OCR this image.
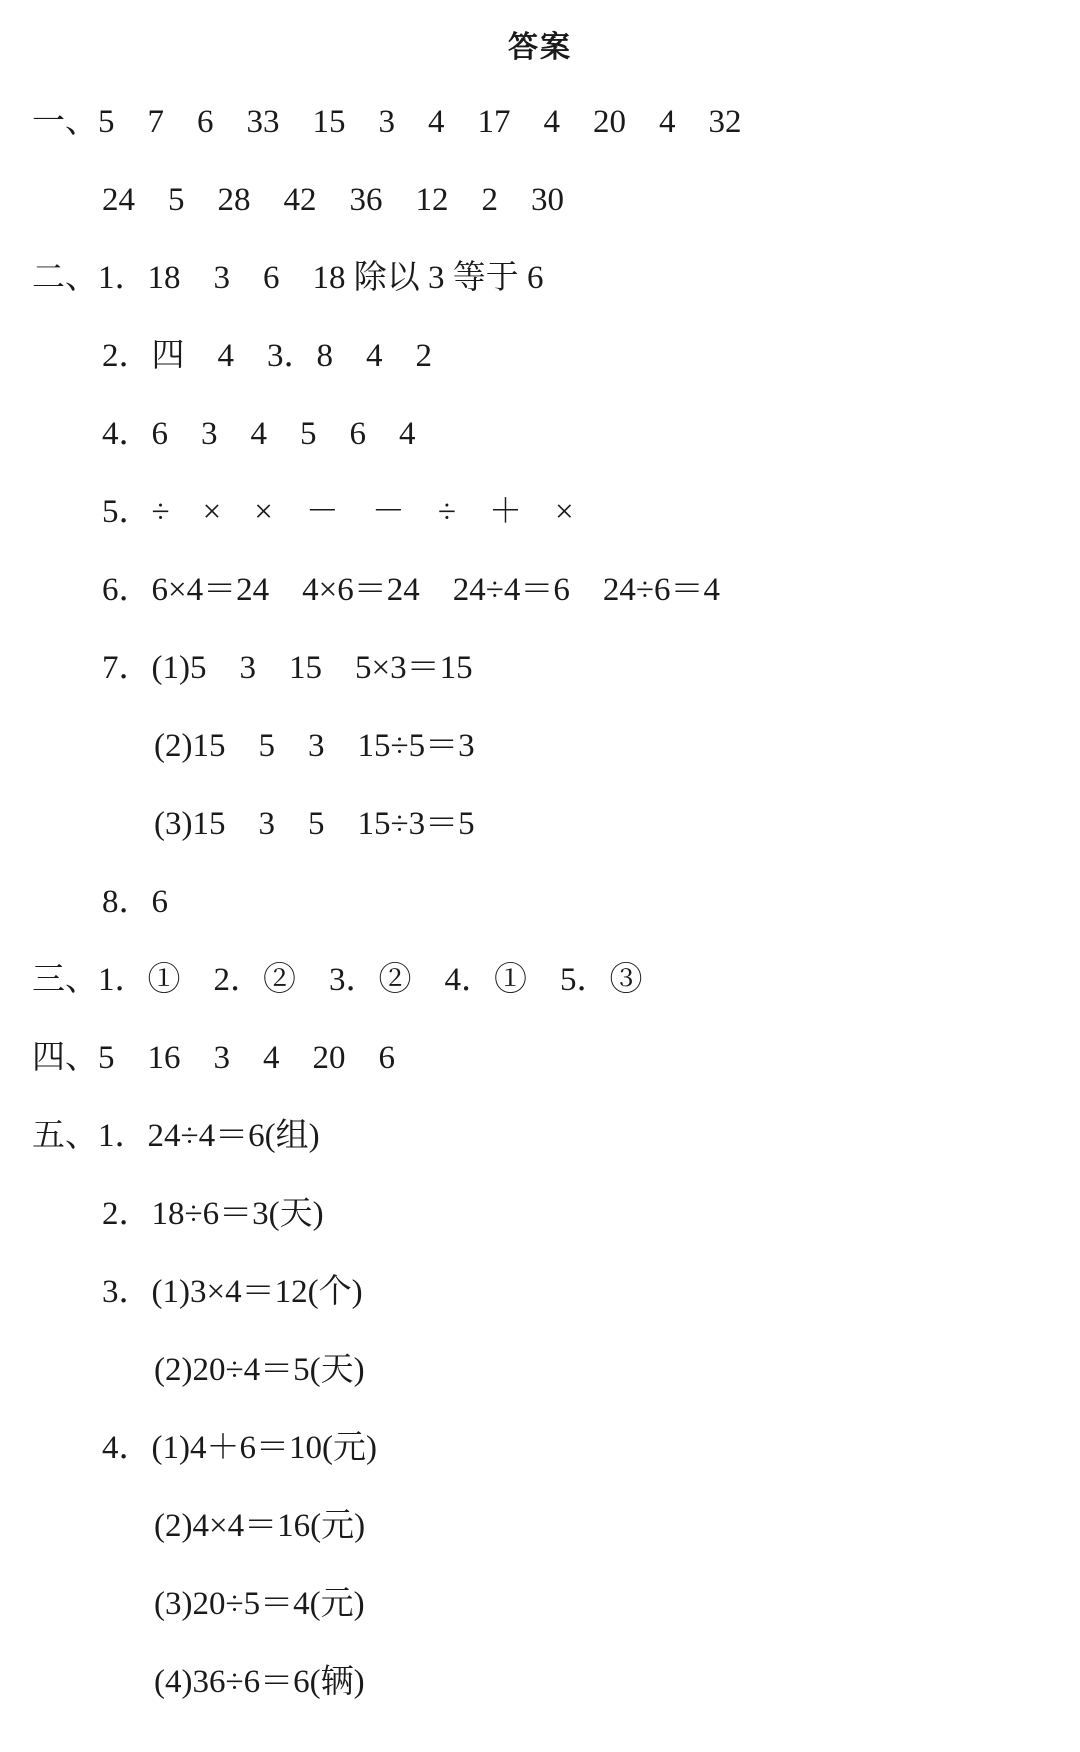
答案
一、5    7    6    33    15    3    4    17    4    20    4    32
24    5    28    42    36    12    2    30
二、1．18    3    6    18 除以 3 等于 6
2．四    4    3．8    4    2
4．6    3    4    5    6    4
5．÷    ×    ×    －    －    ÷    ＋    ×
6．6×4＝24    4×6＝24    24÷4＝6    24÷6＝4
7．(1)5    3    15    5×3＝15
(2)15    5    3    15÷5＝3
(3)15    3    5    15÷3＝5
8．6
三、1．①    2．②    3．②    4．①    5．③
四、5    16    3    4    20    6
五、1．24÷4＝6(组)
2．18÷6＝3(天)
3．(1)3×4＝12(个)
(2)20÷4＝5(天)
4．(1)4＋6＝10(元)
(2)4×4＝16(元)
(3)20÷5＝4(元)
(4)36÷6＝6(辆)
